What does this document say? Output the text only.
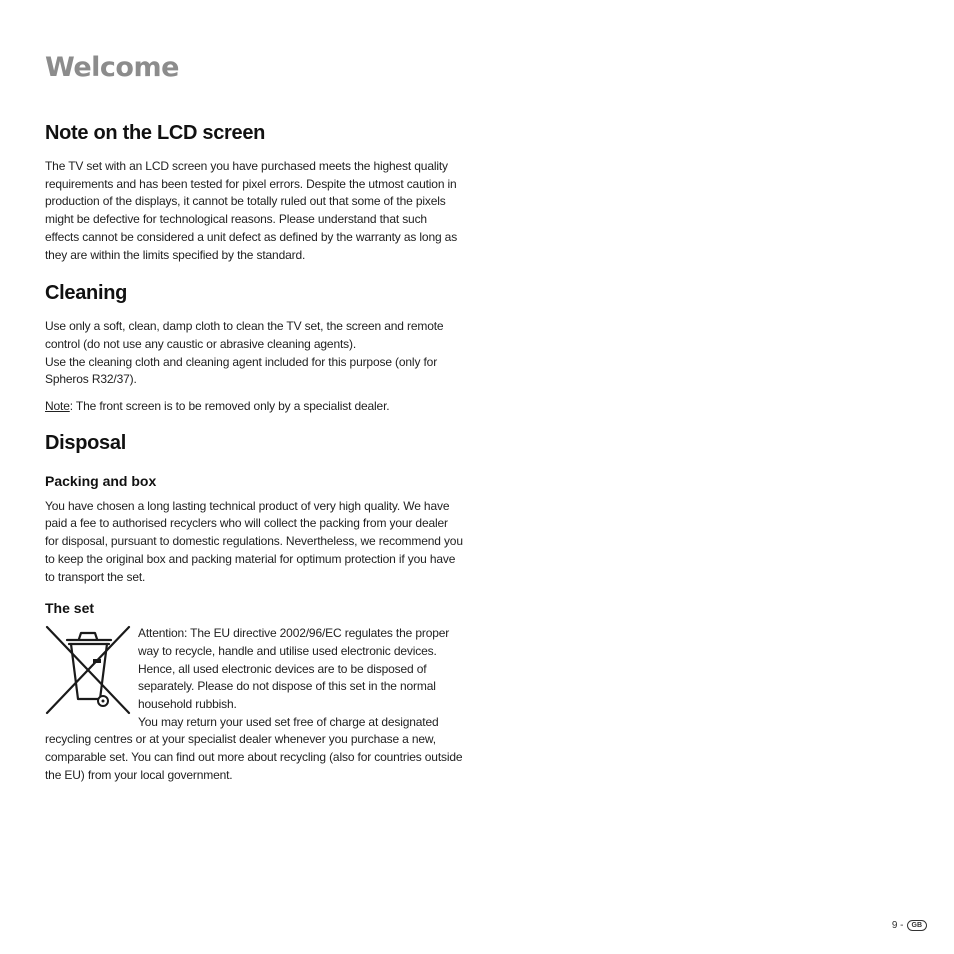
Welcome
Note on the LCD screen

The TV set with an LCD screen you have purchased meets the highest quality requirements and has been tested for pixel errors. Despite the utmost caution in production of the displays, it cannot be totally ruled out that some of the pixels might be defective for technological reasons. Please understand that such effects cannot be considered a unit defect as defined by the warranty as long as they are within the limits specified by the standard.

Cleaning

Use only a soft, clean, damp cloth to clean the TV set, the screen and remote control (do not use any caustic or abrasive cleaning agents).
Use the cleaning cloth and cleaning agent included for this purpose (only for Spheros R32/37).

Note: The front screen is to be removed only by a specialist dealer.

Disposal
Packing and box

You have chosen a long lasting technical product of very high quality. We have paid a fee to authorised recyclers who will collect the packing from your dealer for disposal, pursuant to domestic regulations. Nevertheless, we recommend you to keep the original box and packing material for optimum protection if you have to transport the set.

The set

Attention: The EU directive 2002/96/EC regulates the proper way to recycle, handle and utilise used electronic devices. Hence, all used electronic devices are to be disposed of separately. Please do not dispose of this set in the normal household rubbish.

You may return your used set free of charge at designated recycling centres or at your specialist dealer whenever you purchase a new, comparable set. You can find out more about recycling (also for countries outside the EU) from your local government.

9 -	GB
